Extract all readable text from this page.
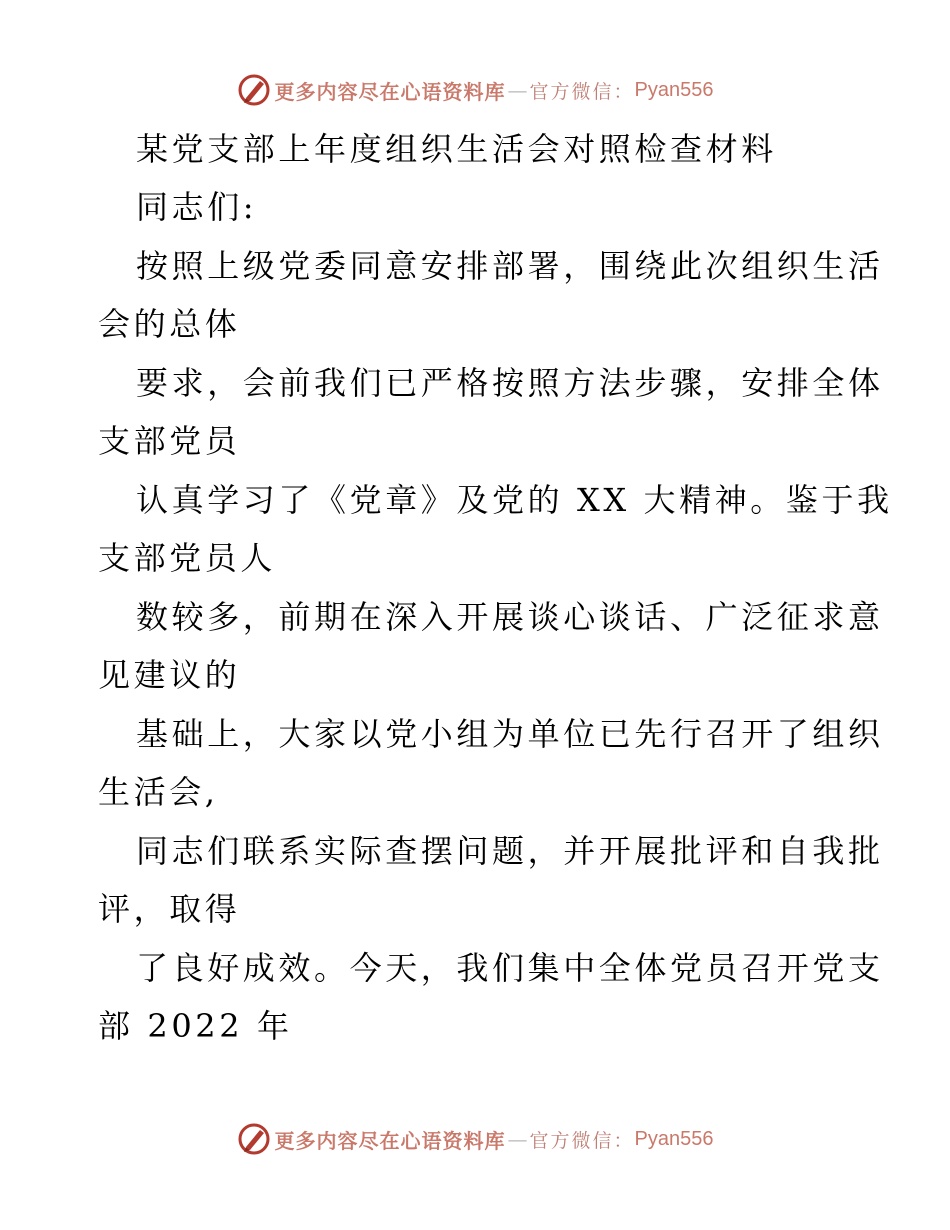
更多内容尽在心语资料库 — 官方微信： Pyan556
某党支部上年度组织生活会对照检查材料
同志们:
按照上级党委同意安排部署，围绕此次组织生活
会的总体
要求，会前我们已严格按照方法步骤，安排全体
支部党员
认真学习了《党章》及党的 XX 大精神。鉴于我
支部党员人
数较多，前期在深入开展谈心谈话、广泛征求意
见建议的
基础上，大家以党小组为单位已先行召开了组织
生活会,
同志们联系实际查摆问题，并开展批评和自我批
评，取得
了良好成效。今天，我们集中全体党员召开党支
部 2022 年
更多内容尽在心语资料库 — 官方微信： Pyan556
